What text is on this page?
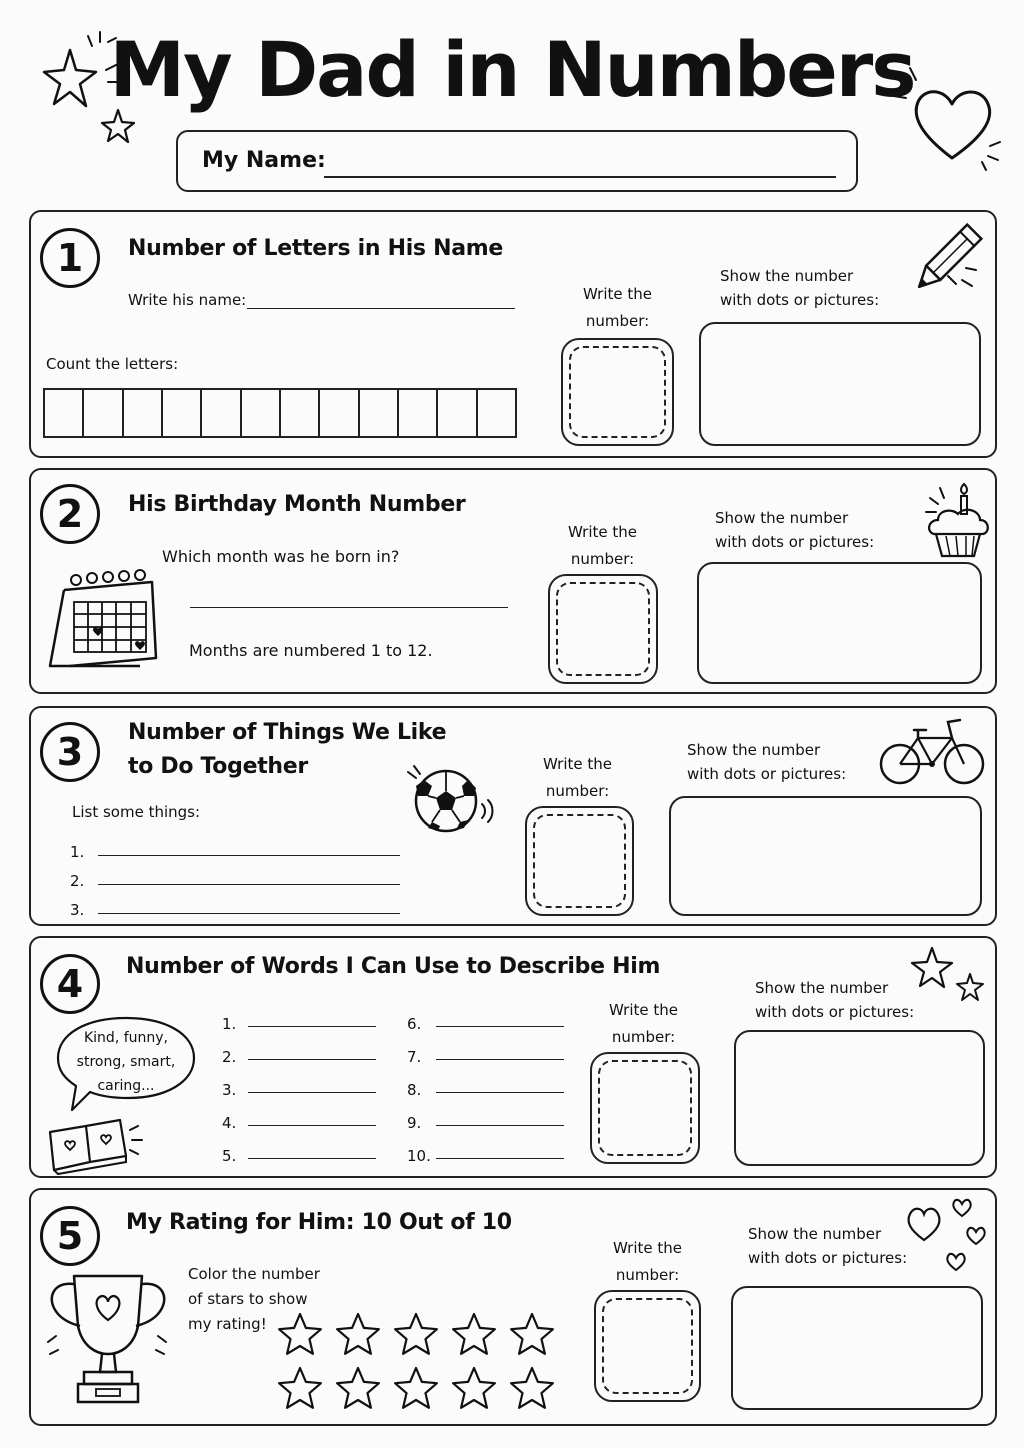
My Dad in Numbers
My Name:
1	Number of Letters in His Name
Write his name:
Count the letters:
Write the
number:
Show the number
with dots or pictures:
2	His Birthday Month Number
Which month was he born in?
Months are numbered 1 to 12.
Write the
number:
Show the number
with dots or pictures:
3	Number of Things We Like
to Do Together
List some things:
1.
2.
3.
Write the
number:
Show the number
with dots or pictures:
4	Number of Words I Can Use to Describe Him
Kind, funny,
strong, smart,
caring...
1.
2.
3.
4.
5.
6.
7.
8.
9.
10.
Write the
number:
Show the number
with dots or pictures:
5	My Rating for Him: 10 Out of 10
Color the number
of stars to show
my rating!
Write the
number:
Show the number
with dots or pictures:
